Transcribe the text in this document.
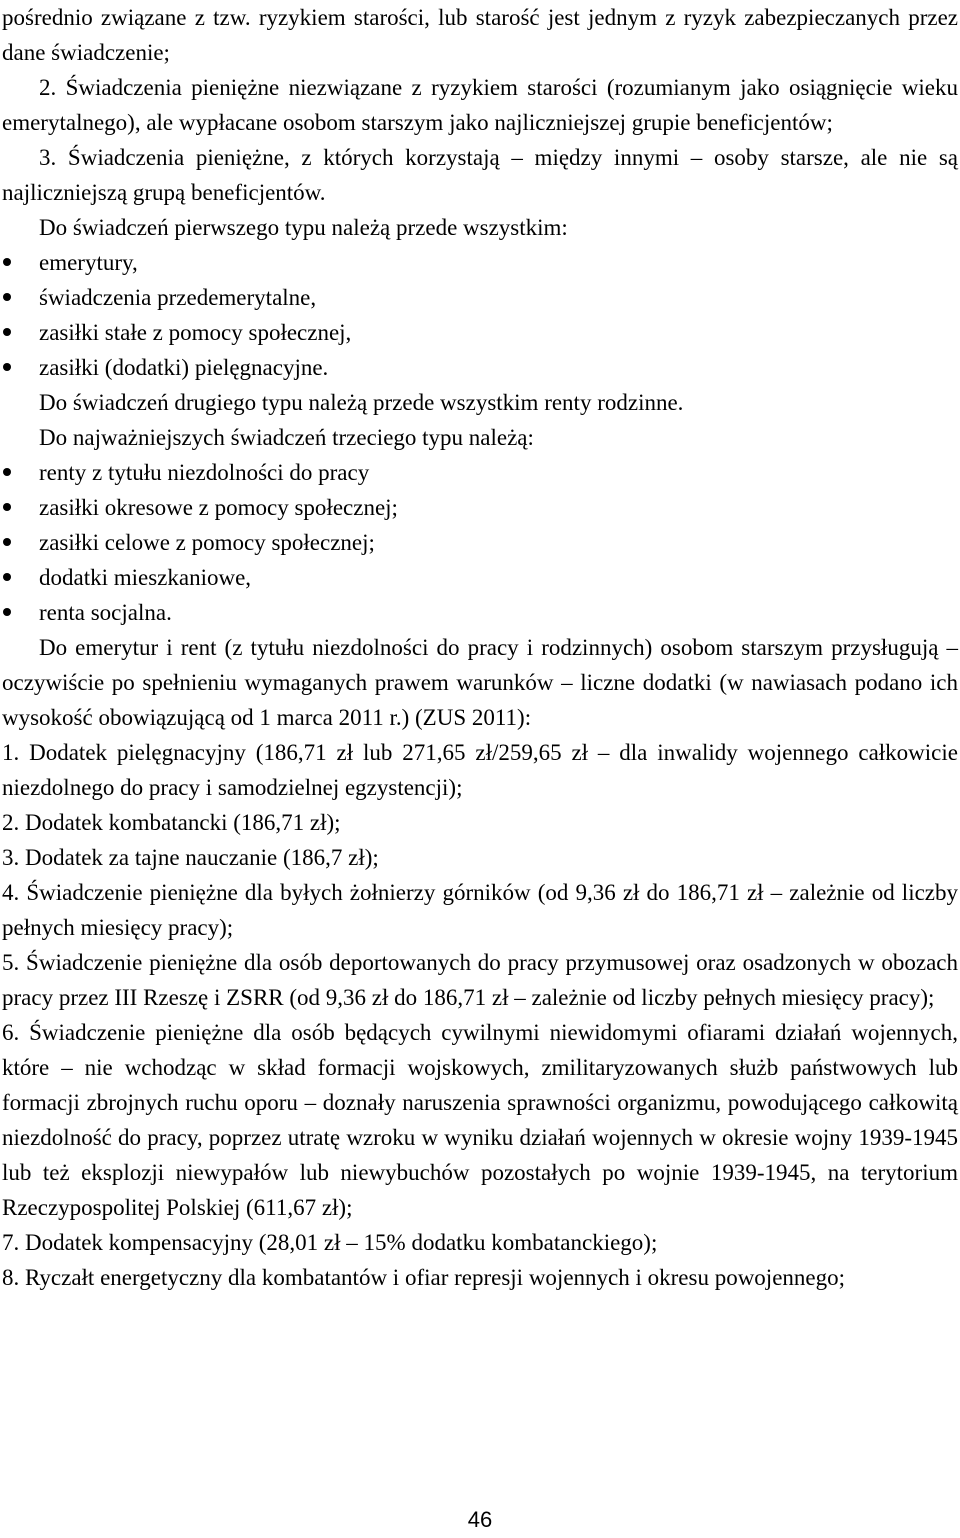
pośrednio związane z tzw. ryzykiem starości, lub starość jest jednym z ryzyk zabezpieczanych przez dane świadczenie;

2. Świadczenia pieniężne niezwiązane z ryzykiem starości (rozumianym jako osiągnięcie wieku emerytalnego), ale wypłacane osobom starszym jako najliczniejszej grupie beneficjentów;

3. Świadczenia pieniężne, z których korzystają – między innymi – osoby starsze, ale nie są najliczniejszą grupą beneficjentów.

Do świadczeń pierwszego typu należą przede wszystkim:

emerytury,
świadczenia przedemerytalne,
zasiłki stałe z pomocy społecznej,
zasiłki (dodatki) pielęgnacyjne.

Do świadczeń drugiego typu należą przede wszystkim renty rodzinne.

Do najważniejszych świadczeń trzeciego typu należą:

renty z tytułu niezdolności do pracy
zasiłki okresowe z pomocy społecznej;
zasiłki celowe z pomocy społecznej;
dodatki mieszkaniowe,
renta socjalna.

Do emerytur i rent (z tytułu niezdolności do pracy i rodzinnych) osobom starszym przysługują – oczywiście po spełnieniu wymaganych prawem warunków – liczne dodatki (w nawiasach podano ich wysokość obowiązującą od 1 marca 2011 r.) (ZUS 2011):

1. Dodatek pielęgnacyjny (186,71 zł lub 271,65 zł/259,65 zł – dla inwalidy wojennego całkowicie niezdolnego do pracy i samodzielnej egzystencji);

2. Dodatek kombatancki (186,71 zł);

3. Dodatek za tajne nauczanie (186,7 zł);

4. Świadczenie pieniężne dla byłych żołnierzy górników (od 9,36 zł do 186,71 zł – zależnie od liczby pełnych miesięcy pracy);

5. Świadczenie pieniężne dla osób deportowanych do pracy przymusowej oraz osadzonych w obozach pracy przez III Rzeszę i ZSRR (od 9,36 zł do 186,71 zł – zależnie od liczby pełnych miesięcy pracy);

6. Świadczenie pieniężne dla osób będących cywilnymi niewidomymi ofiarami działań wojennych, które – nie wchodząc w skład formacji wojskowych, zmilitaryzowanych służb państwowych lub formacji zbrojnych ruchu oporu – doznały naruszenia sprawności organizmu, powodującego całkowitą niezdolność do pracy, poprzez utratę wzroku w wyniku działań wojennych w okresie wojny 1939-1945 lub też eksplozji niewypałów lub niewybuchów pozostałych po wojnie 1939-1945, na terytorium Rzeczypospolitej Polskiej (611,67 zł);

7. Dodatek kompensacyjny (28,01 zł – 15% dodatku kombatanckiego);

8. Ryczałt energetyczny dla kombatantów i ofiar represji wojennych i okresu powojennego;

46
